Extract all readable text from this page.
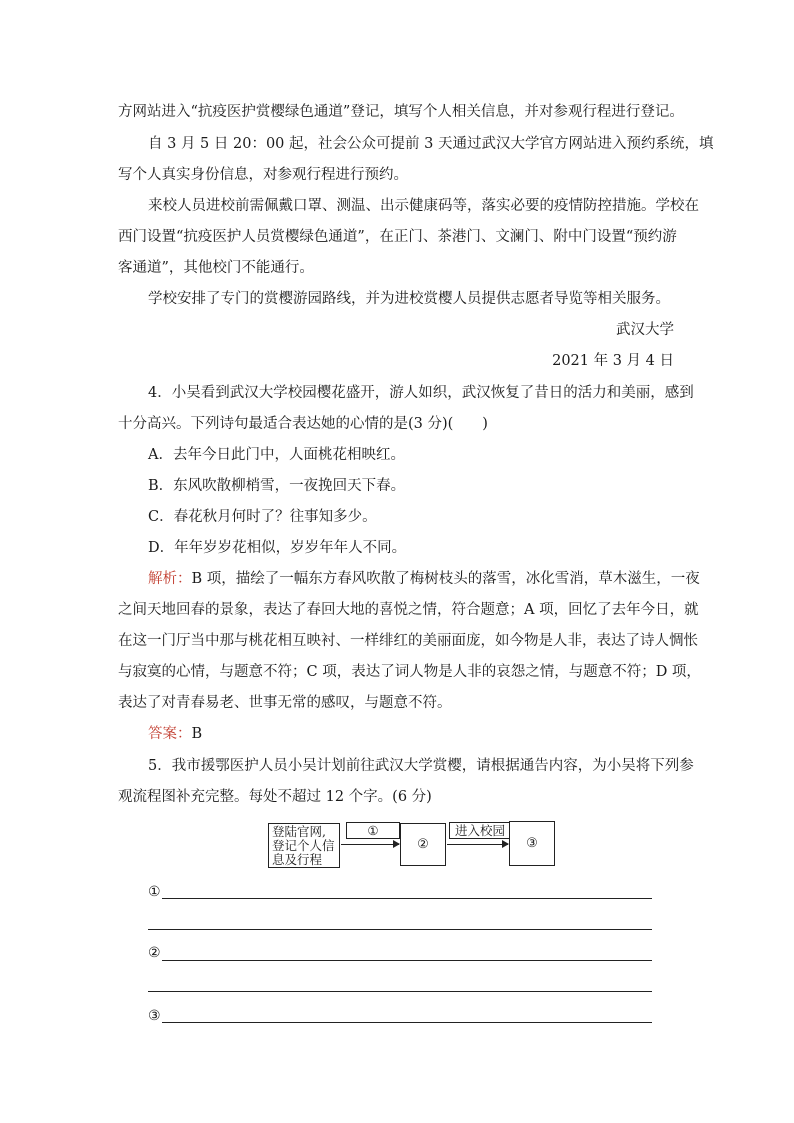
方网站进入“抗疫医护赏樱绿色通道”登记，填写个人相关信息，并对参观行程进行登记。
自 3 月 5 日 20：00 起，社会公众可提前 3 天通过武汉大学官方网站进入预约系统，填
写个人真实身份信息，对参观行程进行预约。
来校人员进校前需佩戴口罩、测温、出示健康码等，落实必要的疫情防控措施。学校在
西门设置“抗疫医护人员赏樱绿色通道”，在正门、茶港门、文澜门、附中门设置“预约游
客通道”，其他校门不能通行。
学校安排了专门的赏樱游园路线，并为进校赏樱人员提供志愿者导览等相关服务。
武汉大学
2021 年 3 月 4 日
4．小吴看到武汉大学校园樱花盛开，游人如织，武汉恢复了昔日的活力和美丽，感到
十分高兴。下列诗句最适合表达她的心情的是(3 分)(　　)
A．去年今日此门中，人面桃花相映红。
B．东风吹散柳梢雪，一夜挽回天下春。
C．春花秋月何时了？往事知多少。
D．年年岁岁花相似，岁岁年年人不同。
解析：B 项，描绘了一幅东方春风吹散了梅树枝头的落雪，冰化雪消，草木滋生，一夜
之间天地回春的景象，表达了春回大地的喜悦之情，符合题意；A 项，回忆了去年今日，就
在这一门厅当中那与桃花相互映衬、一样绯红的美丽面庞，如今物是人非，表达了诗人惆怅
与寂寞的心情，与题意不符；C 项，表达了词人物是人非的哀怨之情，与题意不符；D 项，
表达了对青春易老、世事无常的感叹，与题意不符。
答案：B
5．我市援鄂医护人员小吴计划前往武汉大学赏樱，请根据通告内容，为小吴将下列参
观流程图补充完整。每处不超过 12 个字。(6 分)
登陆官网,
登记个人信
息及行程
①
②
进入校园
③
①
②
③
